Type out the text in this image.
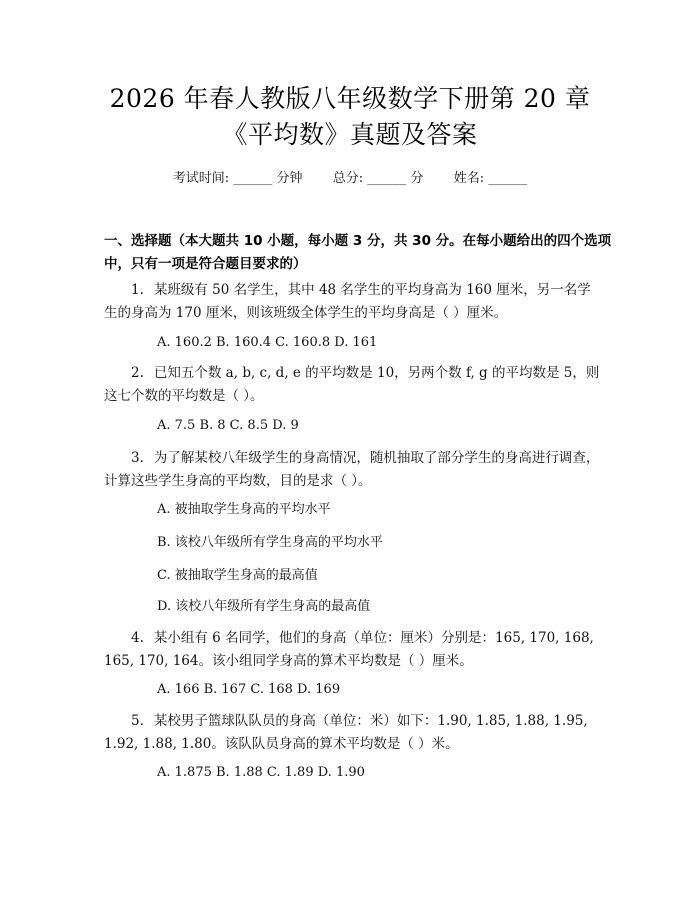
2026 年春人教版八年级数学下册第 20 章
《平均数》真题及答案
考试时间: ______ 分钟 总分: ______ 分 姓名: ______
一、选择题（本大题共 10 小题，每小题 3 分，共 30 分。在每小题给出的四个选项中，只有一项是符合题目要求的）
1. 某班级有 50 名学生，其中 48 名学生的平均身高为 160 厘米，另一名学生的身高为 170 厘米，则该班级全体学生的平均身高是（ ）厘米。
A. 160.2 B. 160.4 C. 160.8 D. 161
2. 已知五个数 a, b, c, d, e 的平均数是 10，另两个数 f, g 的平均数是 5，则这七个数的平均数是（ ）。
A. 7.5 B. 8 C. 8.5 D. 9
3. 为了解某校八年级学生的身高情况，随机抽取了部分学生的身高进行调查，计算这些学生身高的平均数，目的是求（ ）。
A. 被抽取学生身高的平均水平
B. 该校八年级所有学生身高的平均水平
C. 被抽取学生身高的最高值
D. 该校八年级所有学生身高的最高值
4. 某小组有 6 名同学，他们的身高（单位：厘米）分别是：165, 170, 168, 165, 170, 164。该小组同学身高的算术平均数是（ ）厘米。
A. 166 B. 167 C. 168 D. 169
5. 某校男子篮球队队员的身高（单位：米）如下：1.90, 1.85, 1.88, 1.95, 1.92, 1.88, 1.80。该队队员身高的算术平均数是（ ）米。
A. 1.875 B. 1.88 C. 1.89 D. 1.90
